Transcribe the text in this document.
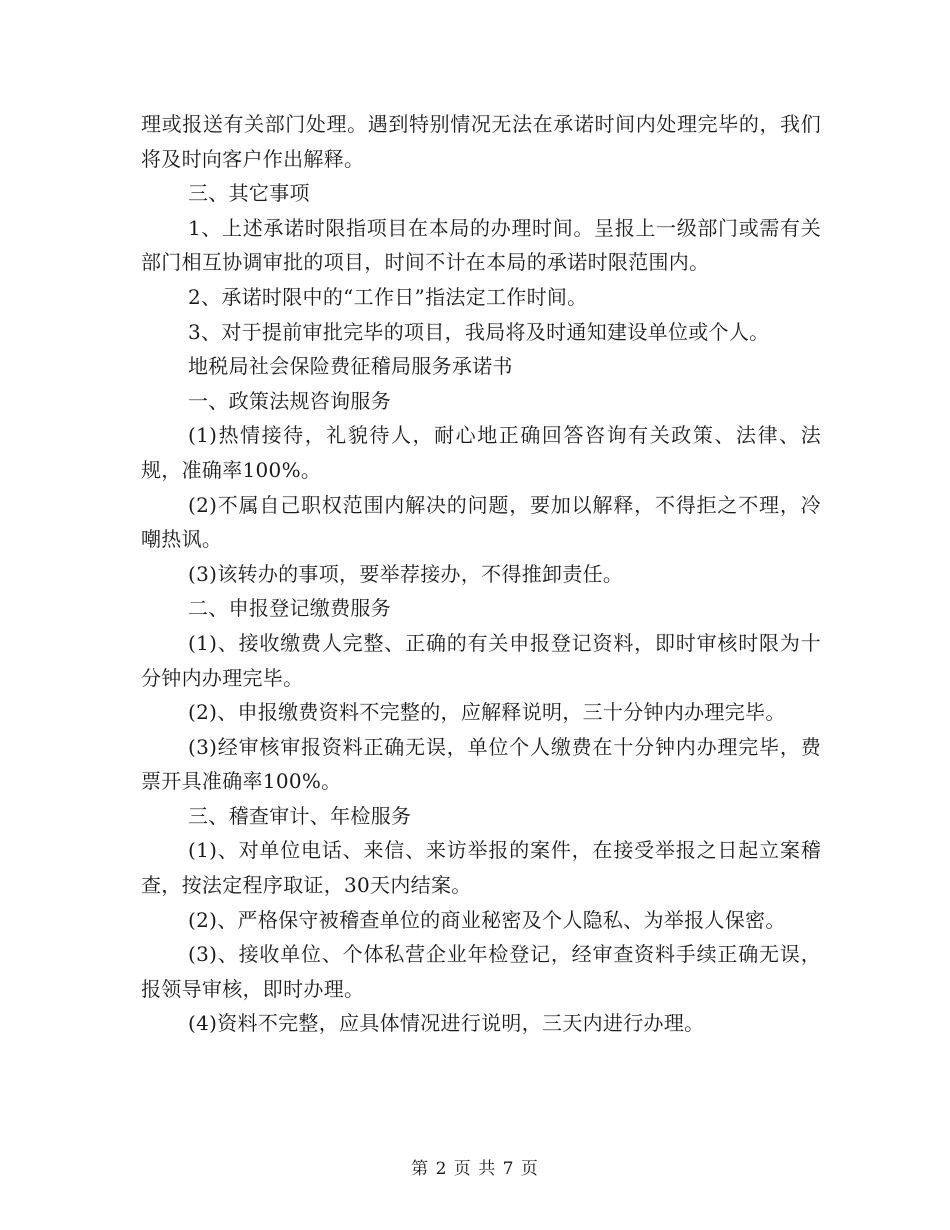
理或报送有关部门处理。遇到特别情况无法在承诺时间内处理完毕的，我们将及时向客户作出解释。

三、其它事项

1、上述承诺时限指项目在本局的办理时间。呈报上一级部门或需有关部门相互协调审批的项目，时间不计在本局的承诺时限范围内。

2、承诺时限中的“工作日”指法定工作时间。

3、对于提前审批完毕的项目，我局将及时通知建设单位或个人。

地税局社会保险费征稽局服务承诺书

一、政策法规咨询服务

(1)热情接待，礼貌待人，耐心地正确回答咨询有关政策、法律、法规，准确率100%。

(2)不属自己职权范围内解决的问题，要加以解释，不得拒之不理，冷嘲热讽。

(3)该转办的事项，要举荐接办，不得推卸责任。

二、申报登记缴费服务

(1)、接收缴费人完整、正确的有关申报登记资料，即时审核时限为十分钟内办理完毕。

(2)、申报缴费资料不完整的，应解释说明，三十分钟内办理完毕。

(3)经审核审报资料正确无误，单位个人缴费在十分钟内办理完毕，费票开具准确率100%。

三、稽查审计、年检服务

(1)、对单位电话、来信、来访举报的案件，在接受举报之日起立案稽查，按法定程序取证，30天内结案。

(2)、严格保守被稽查单位的商业秘密及个人隐私、为举报人保密。

(3)、接收单位、个体私营企业年检登记，经审查资料手续正确无误，报领导审核，即时办理。

(4)资料不完整，应具体情况进行说明，三天内进行办理。

第 2 页 共 7 页
